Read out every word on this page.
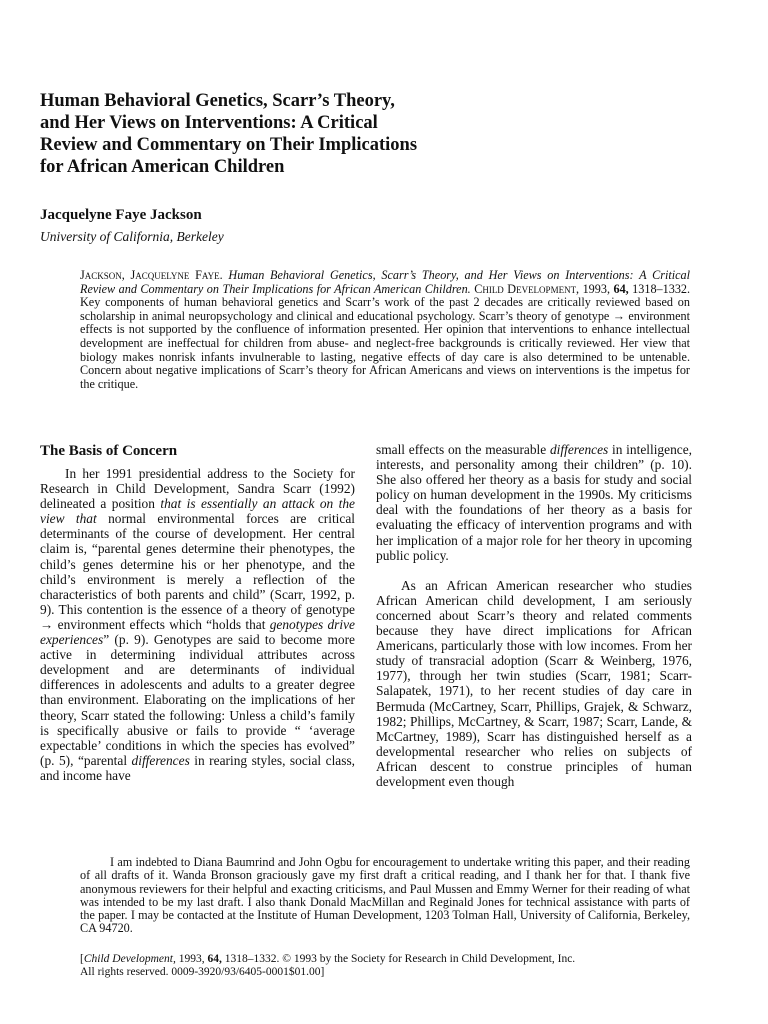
Human Behavioral Genetics, Scarr’s Theory,
and Her Views on Interventions: A Critical
Review and Commentary on Their Implications
for African American Children

Jacquelyne Faye Jackson

University of California, Berkeley

Jackson, Jacquelyne Faye. Human Behavioral Genetics, Scarr’s Theory, and Her Views on Interventions: A Critical Review and Commentary on Their Implications for African American Children. Child Development, 1993, 64, 1318–1332. Key components of human behavioral genetics and Scarr’s work of the past 2 decades are critically reviewed based on scholarship in animal neuropsychology and clinical and educational psychology. Scarr’s theory of genotype → environment effects is not supported by the confluence of information presented. Her opinion that interventions to enhance intellectual development are ineffectual for children from abuse- and neglect-free backgrounds is critically reviewed. Her view that biology makes nonrisk infants invulnerable to lasting, negative effects of day care is also determined to be untenable. Concern about negative implications of Scarr’s theory for African Americans and views on interventions is the impetus for the critique.

The Basis of Concern

In her 1991 presidential address to the Society for Research in Child Development, Sandra Scarr (1992) delineated a position that is essentially an attack on the view that normal environmental forces are critical determinants of the course of development. Her central claim is, “parental genes determine their phenotypes, the child’s genes determine his or her phenotype, and the child’s environment is merely a reflection of the characteristics of both parents and child” (Scarr, 1992, p. 9). This contention is the essence of a theory of genotype → environment effects which “holds that genotypes drive experiences” (p. 9). Genotypes are said to become more active in determining individual attributes across development and are determinants of individual differences in adolescents and adults to a greater degree than environment. Elaborating on the implications of her theory, Scarr stated the following: Unless a child’s family is specifically abusive or fails to provide “ ‘average expectable’ conditions in which the species has evolved” (p. 5), “parental differences in rearing styles, social class, and income have

small effects on the measurable differences in intelligence, interests, and personality among their children” (p. 10). She also offered her theory as a basis for study and social policy on human development in the 1990s. My criticisms deal with the foundations of her theory as a basis for evaluating the efficacy of intervention programs and with her implication of a major role for her theory in upcoming public policy.

As an African American researcher who studies African American child development, I am seriously concerned about Scarr’s theory and related comments because they have direct implications for African Americans, particularly those with low incomes. From her study of transracial adoption (Scarr & Weinberg, 1976, 1977), through her twin studies (Scarr, 1981; Scarr-Salapatek, 1971), to her recent studies of day care in Bermuda (McCartney, Scarr, Phillips, Grajek, & Schwarz, 1982; Phillips, McCartney, & Scarr, 1987; Scarr, Lande, & McCartney, 1989), Scarr has distinguished herself as a developmental researcher who relies on subjects of African descent to construe principles of human development even though

I am indebted to Diana Baumrind and John Ogbu for encouragement to undertake writing this paper, and their reading of all drafts of it. Wanda Bronson graciously gave my first draft a critical reading, and I thank her for that. I thank five anonymous reviewers for their helpful and exacting criticisms, and Paul Mussen and Emmy Werner for their reading of what was intended to be my last draft. I also thank Donald MacMillan and Reginald Jones for technical assistance with parts of the paper. I may be contacted at the Institute of Human Development, 1203 Tolman Hall, University of California, Berkeley, CA 94720.

[Child Development, 1993, 64, 1318–1332. © 1993 by the Society for Research in Child Development, Inc.
All rights reserved. 0009-3920/93/6405-0001$01.00]
